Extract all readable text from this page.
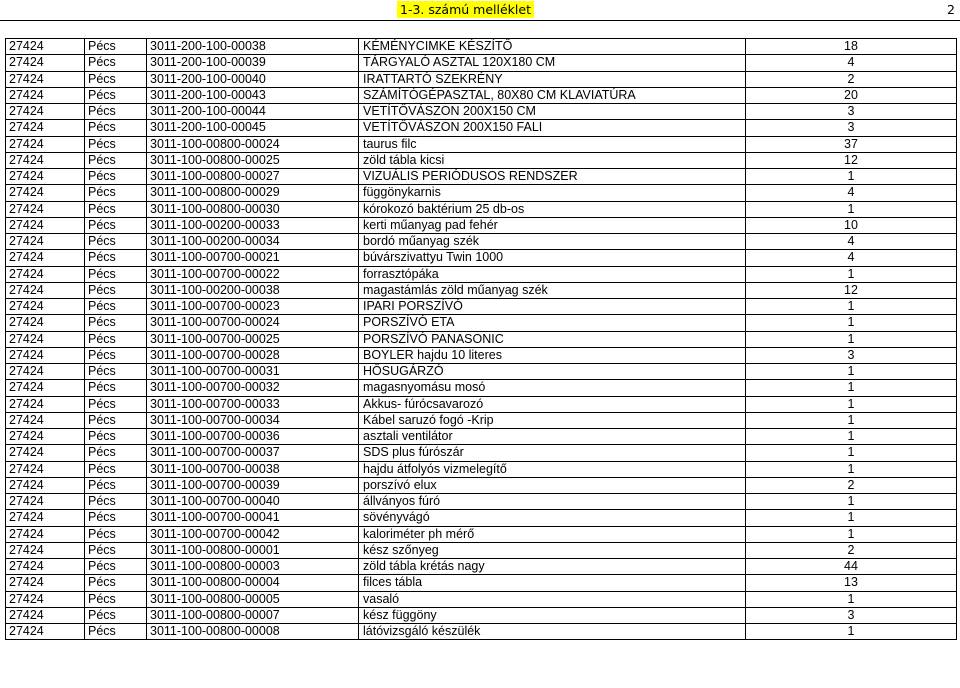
1-3. számú melléklet	2
27424	Pécs	3011-200-100-00038	KÉMÉNYCIMKE KÉSZÍTŐ	18
27424	Pécs	3011-200-100-00039	TÁRGYALÓ ASZTAL 120X180 CM	4
27424	Pécs	3011-200-100-00040	IRATTARTÓ SZEKRÉNY	2
27424	Pécs	3011-200-100-00043	SZÁMÍTÓGÉPASZTAL, 80X80 CM KLAVIATÚRA	20
27424	Pécs	3011-200-100-00044	VETÍTŐVÁSZON 200X150 CM	3
27424	Pécs	3011-200-100-00045	VETÍTŐVÁSZON 200X150 FALI	3
27424	Pécs	3011-100-00800-00024	taurus filc	37
27424	Pécs	3011-100-00800-00025	zöld tábla kicsi	12
27424	Pécs	3011-100-00800-00027	VIZUÁLIS PERIÓDUSOS RENDSZER	1
27424	Pécs	3011-100-00800-00029	függönykarnis	4
27424	Pécs	3011-100-00800-00030	kórokozó baktérium 25 db-os	1
27424	Pécs	3011-100-00200-00033	kerti műanyag pad fehér	10
27424	Pécs	3011-100-00200-00034	bordó műanyag szék	4
27424	Pécs	3011-100-00700-00021	búvárszivattyu Twin 1000	4
27424	Pécs	3011-100-00700-00022	forrasztópáka	1
27424	Pécs	3011-100-00200-00038	magastámlás zöld műanyag szék	12
27424	Pécs	3011-100-00700-00023	IPARI PORSZÍVÓ	1
27424	Pécs	3011-100-00700-00024	PORSZÍVÓ ETA	1
27424	Pécs	3011-100-00700-00025	PORSZÍVÓ PANASONIC	1
27424	Pécs	3011-100-00700-00028	BOYLER hajdu 10 literes	3
27424	Pécs	3011-100-00700-00031	HŐSUGÁRZÓ	1
27424	Pécs	3011-100-00700-00032	magasnyomásu mosó	1
27424	Pécs	3011-100-00700-00033	Akkus- fúrócsavarozó	1
27424	Pécs	3011-100-00700-00034	Kábel saruzó fogó -Krip	1
27424	Pécs	3011-100-00700-00036	asztali ventilátor	1
27424	Pécs	3011-100-00700-00037	SDS plus fúrószár	1
27424	Pécs	3011-100-00700-00038	hajdu átfolyós vizmelegítő	1
27424	Pécs	3011-100-00700-00039	porszívó elux	2
27424	Pécs	3011-100-00700-00040	állványos fúró	1
27424	Pécs	3011-100-00700-00041	sövényvágó	1
27424	Pécs	3011-100-00700-00042	kaloriméter ph mérő	1
27424	Pécs	3011-100-00800-00001	kész szőnyeg	2
27424	Pécs	3011-100-00800-00003	zöld tábla krétás nagy	44
27424	Pécs	3011-100-00800-00004	filces tábla	13
27424	Pécs	3011-100-00800-00005	vasaló	1
27424	Pécs	3011-100-00800-00007	kész függöny	3
27424	Pécs	3011-100-00800-00008	látóvizsgáló készülék	1
